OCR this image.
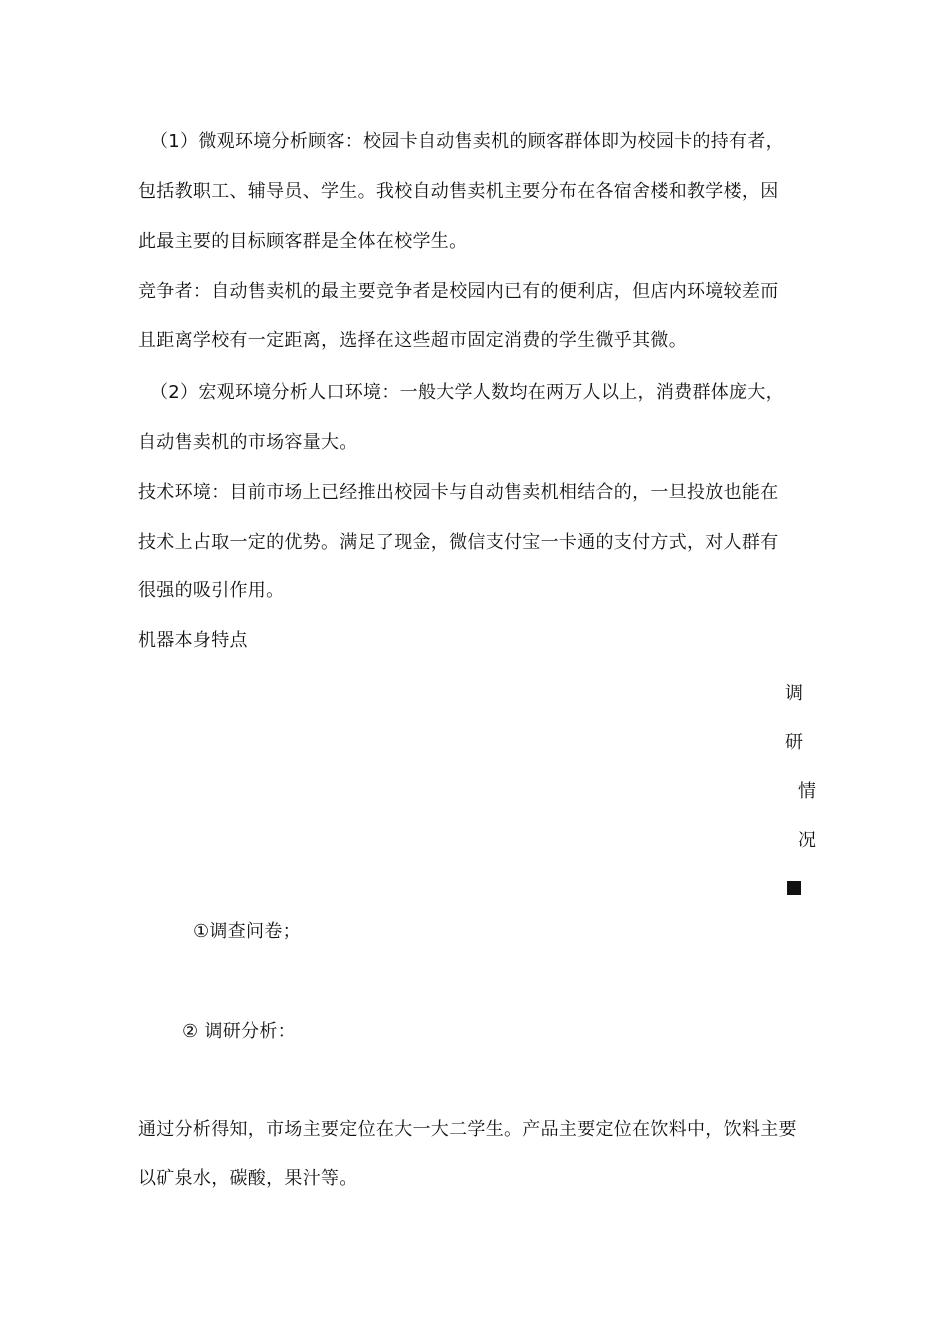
（1）微观环境分析顾客：校园卡自动售卖机的顾客群体即为校园卡的持有者，

包括教职工、辅导员、学生。我校自动售卖机主要分布在各宿舍楼和教学楼，因

此最主要的目标顾客群是全体在校学生。

竞争者：自动售卖机的最主要竞争者是校园内已有的便利店，但店内环境较差而

且距离学校有一定距离，选择在这些超市固定消费的学生微乎其微。

（2）宏观环境分析人口环境：一般大学人数均在两万人以上，消费群体庞大，

自动售卖机的市场容量大。

技术环境：目前市场上已经推出校园卡与自动售卖机相结合的，一旦投放也能在

技术上占取一定的优势。满足了现金，微信支付宝一卡通的支付方式，对人群有

很强的吸引作用。

机器本身特点

调
研
情
况

①调查问卷；

② 调研分析：

通过分析得知，市场主要定位在大一大二学生。产品主要定位在饮料中，饮料主要

以矿泉水，碳酸，果汁等。
